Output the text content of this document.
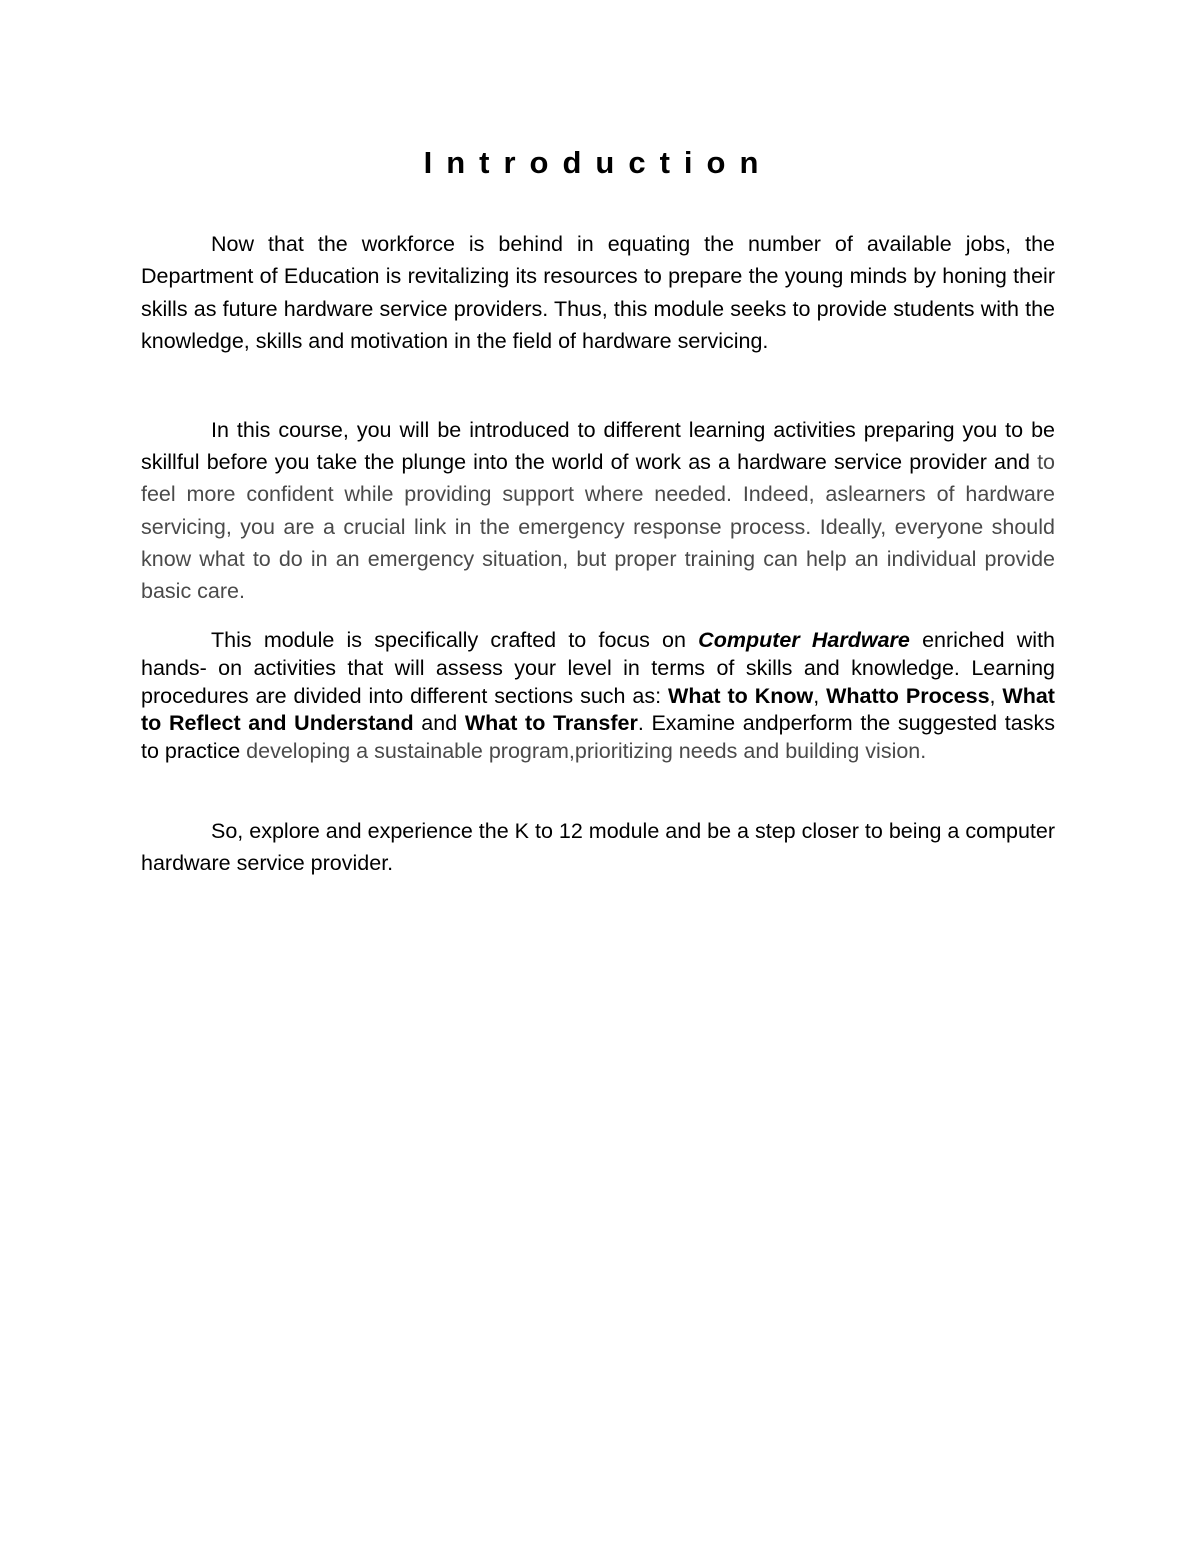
Introduction

Now that the workforce is behind in equating the number of available jobs, the Department of Education is revitalizing its resources to prepare the young minds by honing their skills as future hardware service providers. Thus, this module seeks to provide students with the knowledge, skills and motivation in the field of hardware servicing.

In this course, you will be introduced to different learning activities preparing you to be skillful before you take the plunge into the world of work as a hardware service provider and to feel more confident while providing support where needed. Indeed, aslearners of hardware servicing, you are a crucial link in the emergency response process. Ideally, everyone should know what to do in an emergency situation, but proper training can help an individual provide basic care.

This module is specifically crafted to focus on Computer Hardware enriched with hands- on activities that will assess your level in terms of skills and knowledge. Learning procedures are divided into different sections such as: What to Know, Whatto Process, What to Reflect and Understand and What to Transfer. Examine andperform the suggested tasks to practice developing a sustainable program,prioritizing needs and building vision.

So, explore and experience the K to 12 module and be a step closer to being a computer hardware service provider.
